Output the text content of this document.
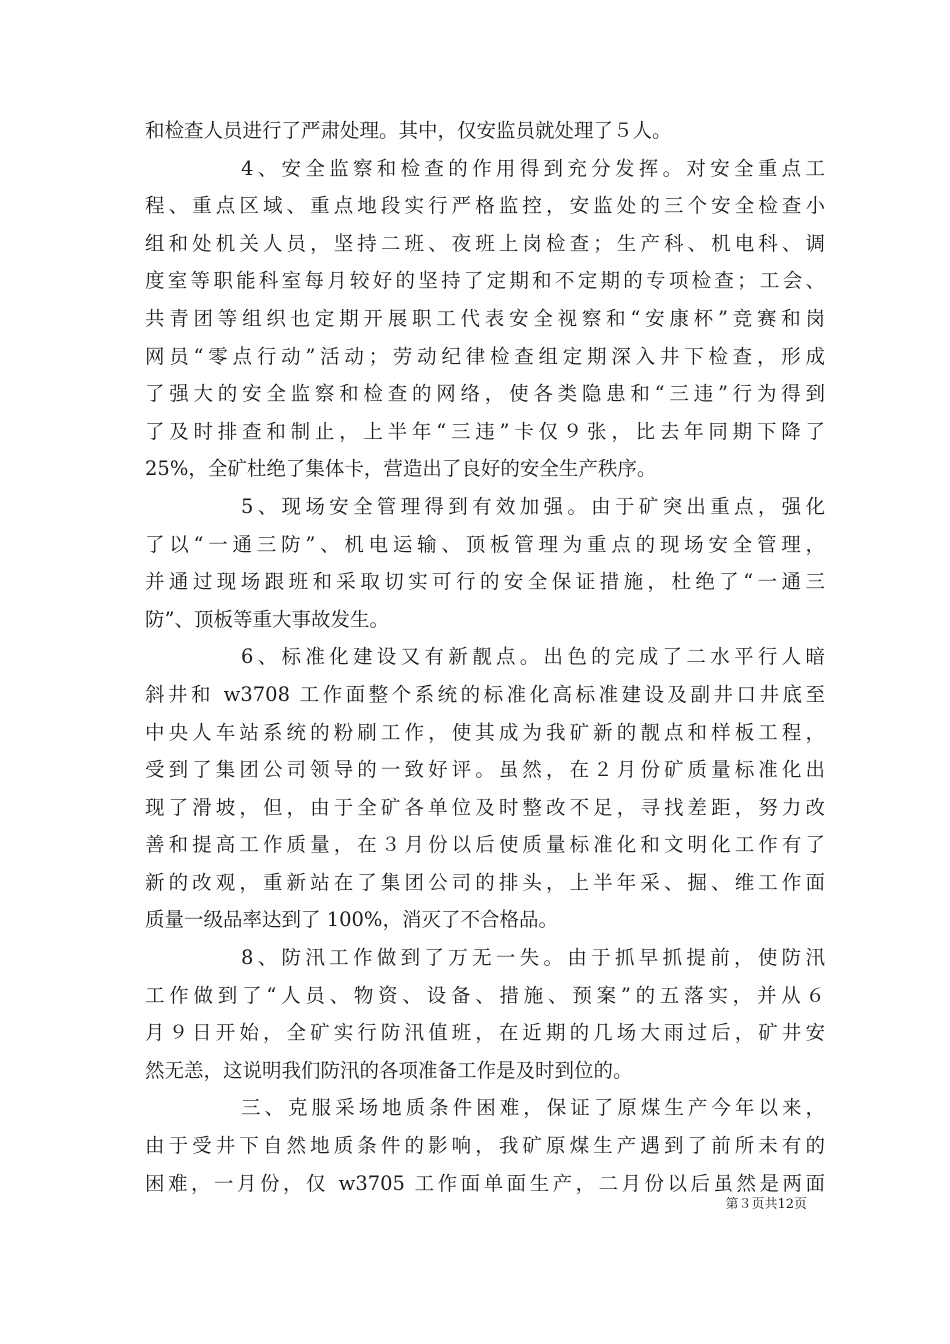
和检查人员进行了严肃处理。其中，仅安监员就处理了５人。
4、安全监察和检查的作用得到充分发挥。对安全重点工
程、重点区域、重点地段实行严格监控，安监处的三个安全检查小
组和处机关人员，坚持二班、夜班上岗检查；生产科、机电科、调
度室等职能科室每月较好的坚持了定期和不定期的专项检查；工会、
共青团等组织也定期开展职工代表安全视察和“安康杯”竞赛和岗
网员“零点行动”活动；劳动纪律检查组定期深入井下检查，形成
了强大的安全监察和检查的网络，使各类隐患和“三违”行为得到
了及时排查和制止，上半年“三违”卡仅９张，比去年同期下降了
25%，全矿杜绝了集体卡，营造出了良好的安全生产秩序。
5、现场安全管理得到有效加强。由于矿突出重点，强化
了以“一通三防”、机电运输、顶板管理为重点的现场安全管理，
并通过现场跟班和采取切实可行的安全保证措施，杜绝了“一通三
防”、顶板等重大事故发生。
6、标准化建设又有新靓点。出色的完成了二水平行人暗
斜井和 w3708 工作面整个系统的标准化高标准建设及副井口井底至
中央人车站系统的粉刷工作，使其成为我矿新的靓点和样板工程，
受到了集团公司领导的一致好评。虽然，在２月份矿质量标准化出
现了滑坡，但，由于全矿各单位及时整改不足，寻找差距，努力改
善和提高工作质量，在３月份以后使质量标准化和文明化工作有了
新的改观，重新站在了集团公司的排头，上半年采、掘、维工作面
质量一级品率达到了 100%，消灭了不合格品。
8、防汛工作做到了万无一失。由于抓早抓提前，使防汛
工作做到了“人员、物资、设备、措施、预案”的五落实，并从６
月９日开始，全矿实行防汛值班，在近期的几场大雨过后，矿井安
然无恙，这说明我们防汛的各项准备工作是及时到位的。
三、克服采场地质条件困难，保证了原煤生产今年以来，
由于受井下自然地质条件的影响，我矿原煤生产遇到了前所未有的
困难，一月份，仅 w3705 工作面单面生产，二月份以后虽然是两面
第３页共12页
